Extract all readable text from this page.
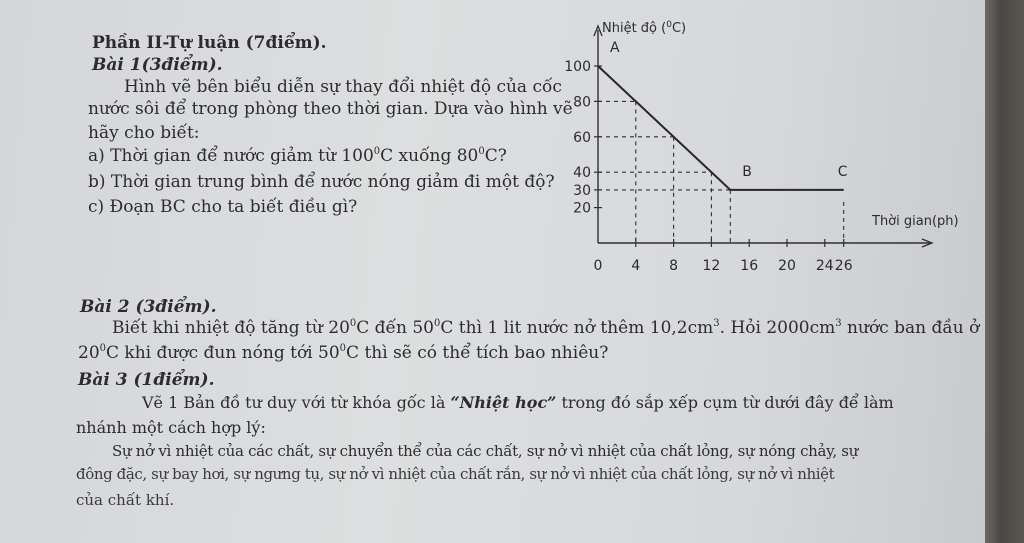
Phần II-Tự luận (7điểm).
Bài 1(3điểm).
Hình vẽ bên biểu diễn sự thay đổi nhiệt độ của cốc
nước sôi để trong phòng theo thời gian. Dựa vào hình vẽ
hãy cho biết:
a) Thời gian để nước giảm từ $100^0C$ xuống $80^0C$?
b) Thời gian trung bình để nước nóng giảm đi một độ?
c) Đoạn BC cho ta biết điều gì?
Nhiệt độ ($^0$C)
Thời gian(ph)
100
80
60
40
30
20
0 4 8 12 16 20 24 26
A
B	C
Bài 2 (3điểm).
Biết khi nhiệt độ tăng từ $20^0C$ đến $50^0C$ thì 1 lit nước nở thêm $10,2cm^3$. Hỏi $2000cm^3$ nước ban đầu ở
$20^0C$ khi được đun nóng tới $50^0C$ thì sẽ có thể tích bao nhiêu?
Bài 3 (1điểm).
Vẽ 1 Bản đồ tư duy với từ khóa gốc là “Nhiệt học” trong đó sắp xếp cụm từ dưới đây để làm
nhánh một cách hợp lý:
Sự nở vì nhiệt của các chất, sự chuyển thể của các chất, sự nở vì nhiệt của chất lỏng, sự nóng chảy, sự
đông đặc, sự bay hơi, sự ngưng tụ, sự nở vì nhiệt của chất rắn, sự nở vì nhiệt của chất lỏng, sự nở vì nhiệt
của chất khí.
